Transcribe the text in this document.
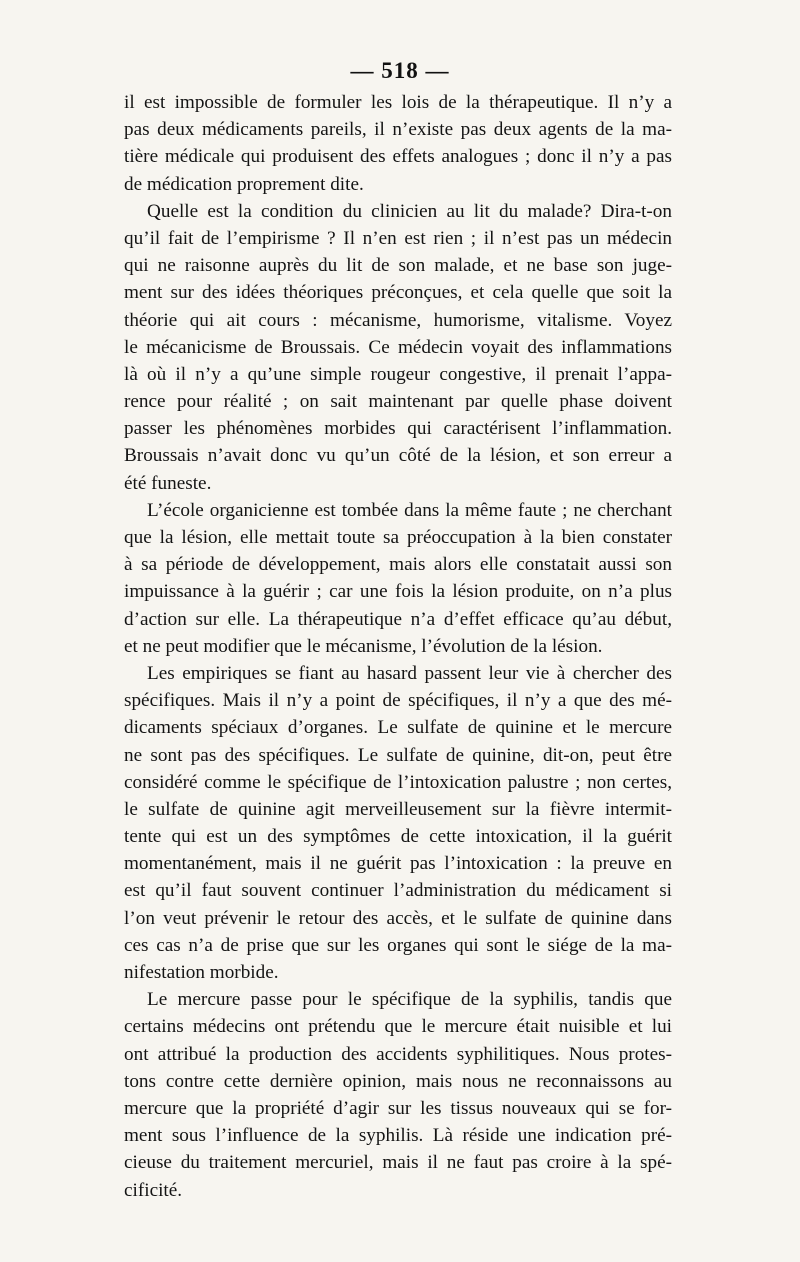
— 518 —
il est impossible de formuler les lois de la thérapeutique. Il n’y a
pas deux médicaments pareils, il n’existe pas deux agents de la ma-
tière médicale qui produisent des effets analogues ; donc il n’y a pas
de médication proprement dite.
Quelle est la condition du clinicien au lit du malade? Dira-t-on
qu’il fait de l’empirisme ? Il n’en est rien ; il n’est pas un médecin
qui ne raisonne auprès du lit de son malade, et ne base son juge-
ment sur des idées théoriques préconçues, et cela quelle que soit la
théorie qui ait cours : mécanisme, humorisme, vitalisme. Voyez
le mécanicisme de Broussais. Ce médecin voyait des inflammations
là où il n’y a qu’une simple rougeur congestive, il prenait l’appa-
rence pour réalité ; on sait maintenant par quelle phase doivent
passer les phénomènes morbides qui caractérisent l’inflammation.
Broussais n’avait donc vu qu’un côté de la lésion, et son erreur a
été funeste.
L’école organicienne est tombée dans la même faute ; ne cherchant
que la lésion, elle mettait toute sa préoccupation à la bien constater
à sa période de développement, mais alors elle constatait aussi son
impuissance à la guérir ; car une fois la lésion produite, on n’a plus
d’action sur elle. La thérapeutique n’a d’effet efficace qu’au début,
et ne peut modifier que le mécanisme, l’évolution de la lésion.
Les empiriques se fiant au hasard passent leur vie à chercher des
spécifiques. Mais il n’y a point de spécifiques, il n’y a que des mé-
dicaments spéciaux d’organes. Le sulfate de quinine et le mercure
ne sont pas des spécifiques. Le sulfate de quinine, dit-on, peut être
considéré comme le spécifique de l’intoxication palustre ; non certes,
le sulfate de quinine agit merveilleusement sur la fièvre intermit-
tente qui est un des symptômes de cette intoxication, il la guérit
momentanément, mais il ne guérit pas l’intoxication : la preuve en
est qu’il faut souvent continuer l’administration du médicament si
l’on veut prévenir le retour des accès, et le sulfate de quinine dans
ces cas n’a de prise que sur les organes qui sont le siége de la ma-
nifestation morbide.
Le mercure passe pour le spécifique de la syphilis, tandis que
certains médecins ont prétendu que le mercure était nuisible et lui
ont attribué la production des accidents syphilitiques. Nous protes-
tons contre cette dernière opinion, mais nous ne reconnaissons au
mercure que la propriété d’agir sur les tissus nouveaux qui se for-
ment sous l’influence de la syphilis. Là réside une indication pré-
cieuse du traitement mercuriel, mais il ne faut pas croire à la spé-
cificité.
